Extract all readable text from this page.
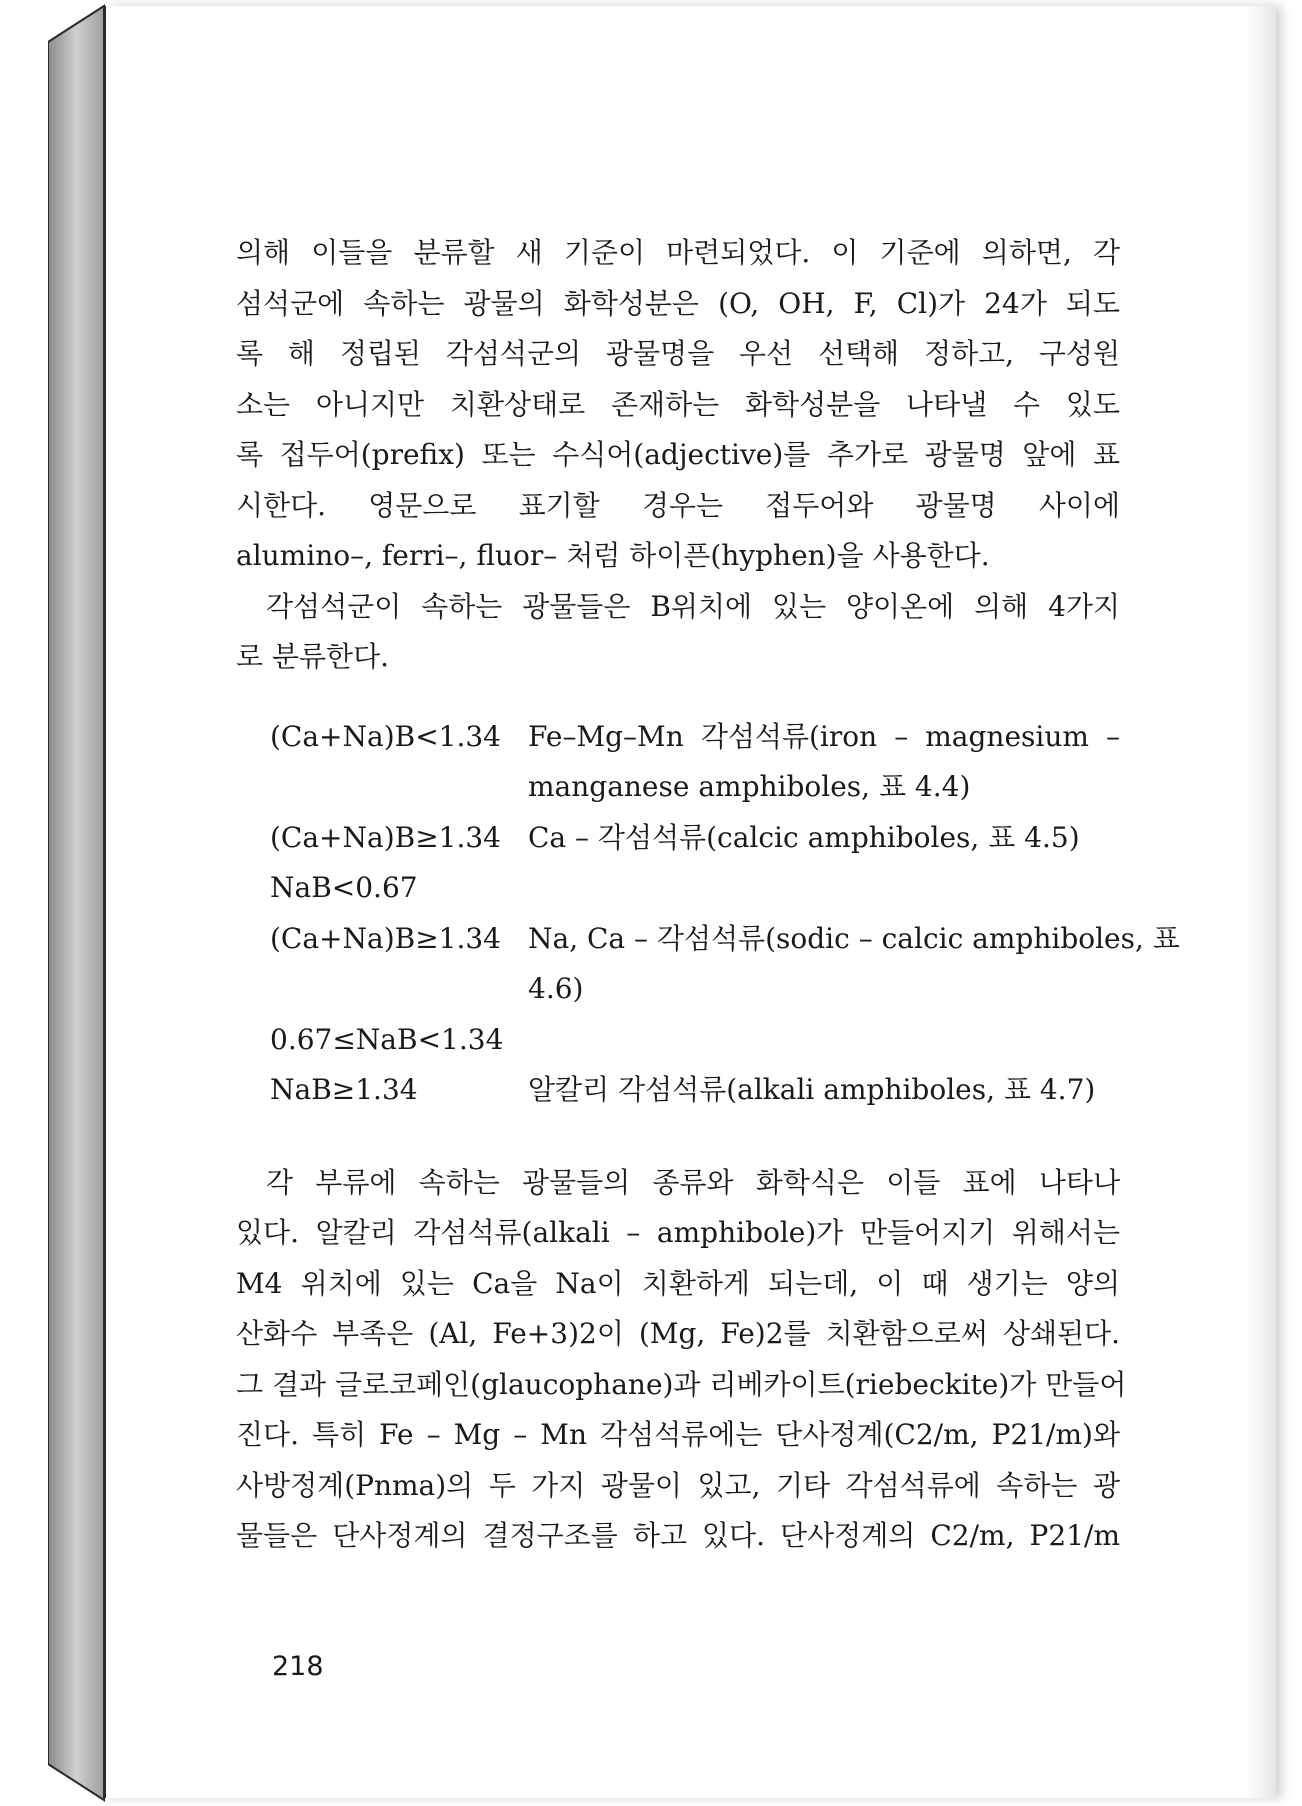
의해 이들을 분류할 새 기준이 마련되었다. 이 기준에 의하면, 각
섬석군에 속하는 광물의 화학성분은 (O, OH, F, Cl)가 24가 되도
록 해 정립된 각섬석군의 광물명을 우선 선택해 정하고, 구성원
소는 아니지만 치환상태로 존재하는 화학성분을 나타낼 수 있도
록 접두어(prefix) 또는 수식어(adjective)를 추가로 광물명 앞에 표
시한다. 영문으로 표기할 경우는 접두어와 광물명 사이에
alumino–, ferri–, fluor– 처럼 하이픈(hyphen)을 사용한다.
각섬석군이 속하는 광물들은 B위치에 있는 양이온에 의해 4가지
로 분류한다.
(Ca+Na)B<1.34 Fe–Mg–Mn 각섬석류(iron – magnesium –
manganese amphiboles, 표 4.4)
(Ca+Na)B≥1.34 Ca – 각섬석류(calcic amphiboles, 표 4.5)
NaB<0.67
(Ca+Na)B≥1.34 Na, Ca – 각섬석류(sodic – calcic amphiboles, 표
4.6)
0.67≤NaB<1.34
NaB≥1.34	알칼리 각섬석류(alkali amphiboles, 표 4.7)
각 부류에 속하는 광물들의 종류와 화학식은 이들 표에 나타나
있다. 알칼리 각섬석류(alkali – amphibole)가 만들어지기 위해서는
M4 위치에 있는 Ca을 Na이 치환하게 되는데, 이 때 생기는 양의
산화수 부족은 (Al, Fe+3)2이 (Mg, Fe)2를 치환함으로써 상쇄된다.
그 결과 글로코페인(glaucophane)과 리베카이트(riebeckite)가 만들어
진다. 특히 Fe – Mg – Mn 각섬석류에는 단사정계(C2/m, P21/m)와
사방정계(Pnma)의 두 가지 광물이 있고, 기타 각섬석류에 속하는 광
물들은 단사정계의 결정구조를 하고 있다. 단사정계의 C2/m, P21/m
218
